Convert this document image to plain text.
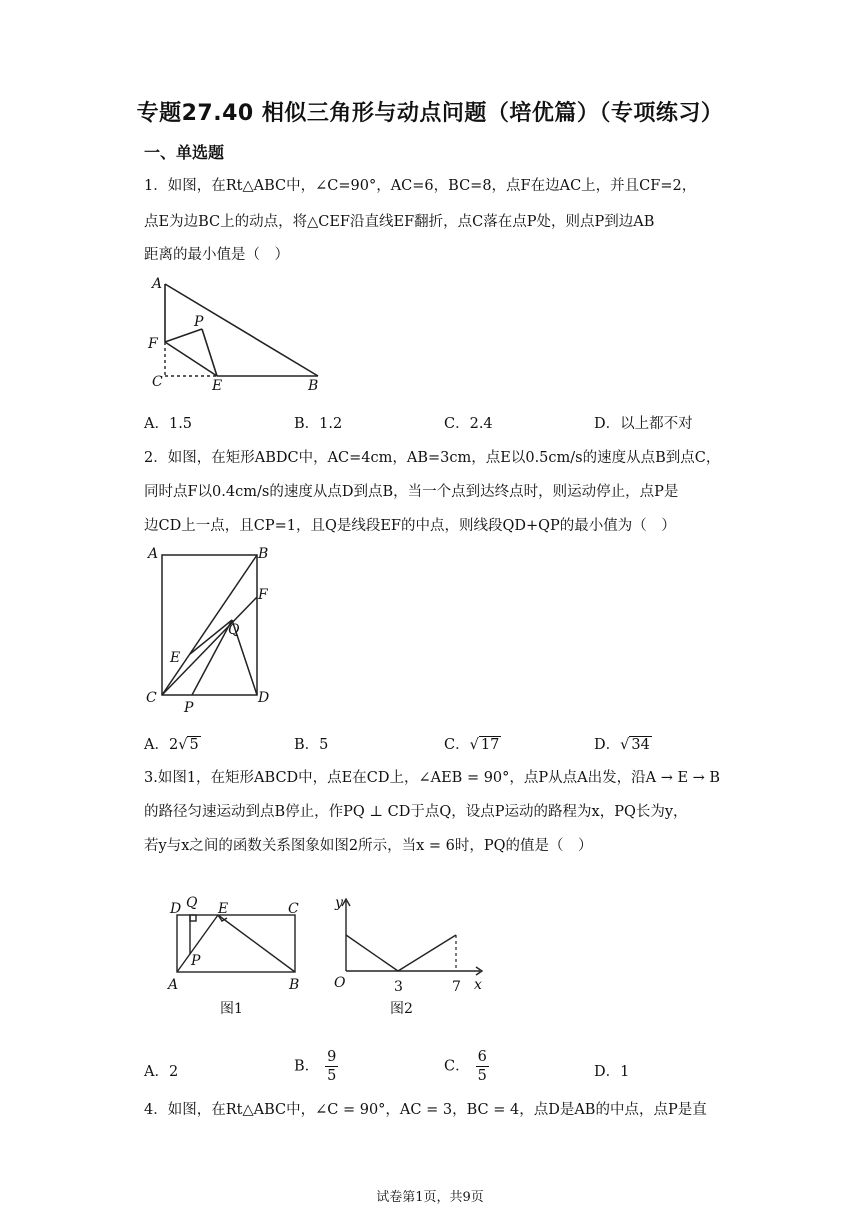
专题27.40 相似三角形与动点问题（培优篇）（专项练习）
一、单选题
1．如图，在Rt△ABC中，∠C=90°，AC=6，BC=8，点F在边AC上，并且CF=2，
点E为边BC上的动点，将△CEF沿直线EF翻折，点C落在点P处，则点P到边AB
距离的最小值是（　）
A
F
P
C	E	B
A．1.5	B．1.2	C．2.4	D．以上都不对
2．如图，在矩形ABDC中，AC=4cm，AB=3cm，点E以0.5cm/s的速度从点B到点C，
同时点F以0.4cm/s的速度从点D到点B，当一个点到达终点时，则运动停止，点P是
边CD上一点，且CP=1，且Q是线段EF的中点，则线段QD+QP的最小值为（　）
A	B
F
Q
E
C
P
D
A．2√ 5	B．5	C．√ 17	D．√ 34
3.如图1，在矩形ABCD中，点E在CD上，∠AEB = 90°，点P从点A出发，沿A → E → B
的路径匀速运动到点B停止，作PQ ⊥ CD于点Q，设点P运动的路程为x，PQ长为y，
若y与x之间的函数关系图象如图2所示，当x = 6时，PQ的值是（　）
D Q E	C
P
A	B
图1
y
O	3	7 x
图2
A．2	B． $\frac{9}{5}$	C． $\frac{6}{5}$	D．1
4．如图，在Rt△ABC中，∠C = 90°，AC = 3，BC = 4，点D是AB的中点，点P是直
试卷第1页，共9页
